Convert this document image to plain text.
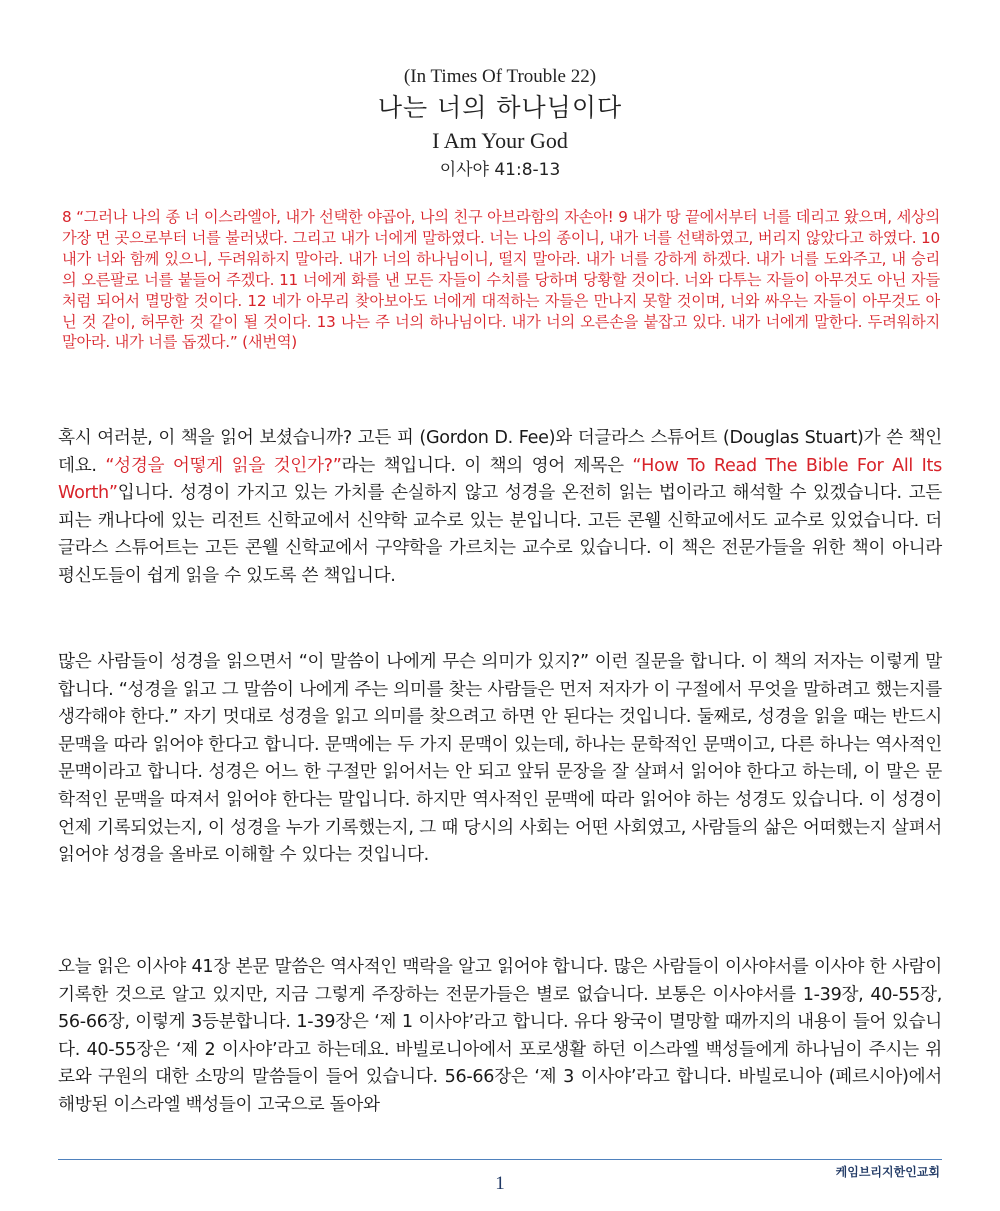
(In Times Of Trouble 22)
나는 너의 하나님이다
I Am Your God
이사야 41:8-13
8 “그러나 나의 종 너 이스라엘아, 내가 선택한 야곱아, 나의 친구 아브라함의 자손아! 9 내가 땅 끝에서부터 너를 데리고 왔으며, 세상의 가장 먼 곳으로부터 너를 불러냈다. 그리고 내가 너에게 말하였다. 너는 나의 종이니, 내가 너를 선택하였고, 버리지 않았다고 하였다. 10 내가 너와 함께 있으니, 두려워하지 말아라. 내가 너의 하나님이니, 떨지 말아라. 내가 너를 강하게 하겠다. 내가 너를 도와주고, 내 승리의 오른팔로 너를 붙들어 주겠다. 11 너에게 화를 낸 모든 자들이 수치를 당하며 당황할 것이다. 너와 다투는 자들이 아무것도 아닌 자들처럼 되어서 멸망할 것이다. 12 네가 아무리 찾아보아도 너에게 대적하는 자들은 만나지 못할 것이며, 너와 싸우는 자들이 아무것도 아닌 것 같이, 허무한 것 같이 될 것이다. 13 나는 주 너의 하나님이다. 내가 너의 오른손을 붙잡고 있다. 내가 너에게 말한다. 두려워하지 말아라. 내가 너를 돕겠다.” (새번역)
혹시 여러분, 이 책을 읽어 보셨습니까? 고든 피 (Gordon D. Fee)와 더글라스 스튜어트 (Douglas Stuart)가 쓴 책인데요. “성경을 어떻게 읽을 것인가?”라는 책입니다. 이 책의 영어 제목은 “How To Read The Bible For All Its Worth”입니다. 성경이 가지고 있는 가치를 손실하지 않고 성경을 온전히 읽는 법이라고 해석할 수 있겠습니다. 고든 피는 캐나다에 있는 리전트 신학교에서 신약학 교수로 있는 분입니다. 고든 콘웰 신학교에서도 교수로 있었습니다. 더글라스 스튜어트는 고든 콘웰 신학교에서 구약학을 가르치는 교수로 있습니다. 이 책은 전문가들을 위한 책이 아니라 평신도들이 쉽게 읽을 수 있도록 쓴 책입니다.
많은 사람들이 성경을 읽으면서 “이 말씀이 나에게 무슨 의미가 있지?” 이런 질문을 합니다. 이 책의 저자는 이렇게 말합니다. “성경을 읽고 그 말씀이 나에게 주는 의미를 찾는 사람들은 먼저 저자가 이 구절에서 무엇을 말하려고 했는지를 생각해야 한다.” 자기 멋대로 성경을 읽고 의미를 찾으려고 하면 안 된다는 것입니다. 둘째로, 성경을 읽을 때는 반드시 문맥을 따라 읽어야 한다고 합니다. 문맥에는 두 가지 문맥이 있는데, 하나는 문학적인 문맥이고, 다른 하나는 역사적인 문맥이라고 합니다. 성경은 어느 한 구절만 읽어서는 안 되고 앞뒤 문장을 잘 살펴서 읽어야 한다고 하는데, 이 말은 문학적인 문맥을 따져서 읽어야 한다는 말입니다. 하지만 역사적인 문맥에 따라 읽어야 하는 성경도 있습니다. 이 성경이 언제 기록되었는지, 이 성경을 누가 기록했는지, 그 때 당시의 사회는 어떤 사회였고, 사람들의 삶은 어떠했는지 살펴서 읽어야 성경을 올바로 이해할 수 있다는 것입니다.
오늘 읽은 이사야 41장 본문 말씀은 역사적인 맥락을 알고 읽어야 합니다. 많은 사람들이 이사야서를 이사야 한 사람이 기록한 것으로 알고 있지만, 지금 그렇게 주장하는 전문가들은 별로 없습니다. 보통은 이사야서를 1-39장, 40-55장, 56-66장, 이렇게 3등분합니다. 1-39장은 ‘제 1 이사야’라고 합니다. 유다 왕국이 멸망할 때까지의 내용이 들어 있습니다. 40-55장은 ‘제 2 이사야’라고 하는데요. 바빌로니아에서 포로생활 하던 이스라엘 백성들에게 하나님이 주시는 위로와 구원의 대한 소망의 말씀들이 들어 있습니다. 56-66장은 ‘제 3 이사야’라고 합니다. 바빌로니아 (페르시아)에서 해방된 이스라엘 백성들이 고국으로 돌아와
케임브리지한인교회
1
